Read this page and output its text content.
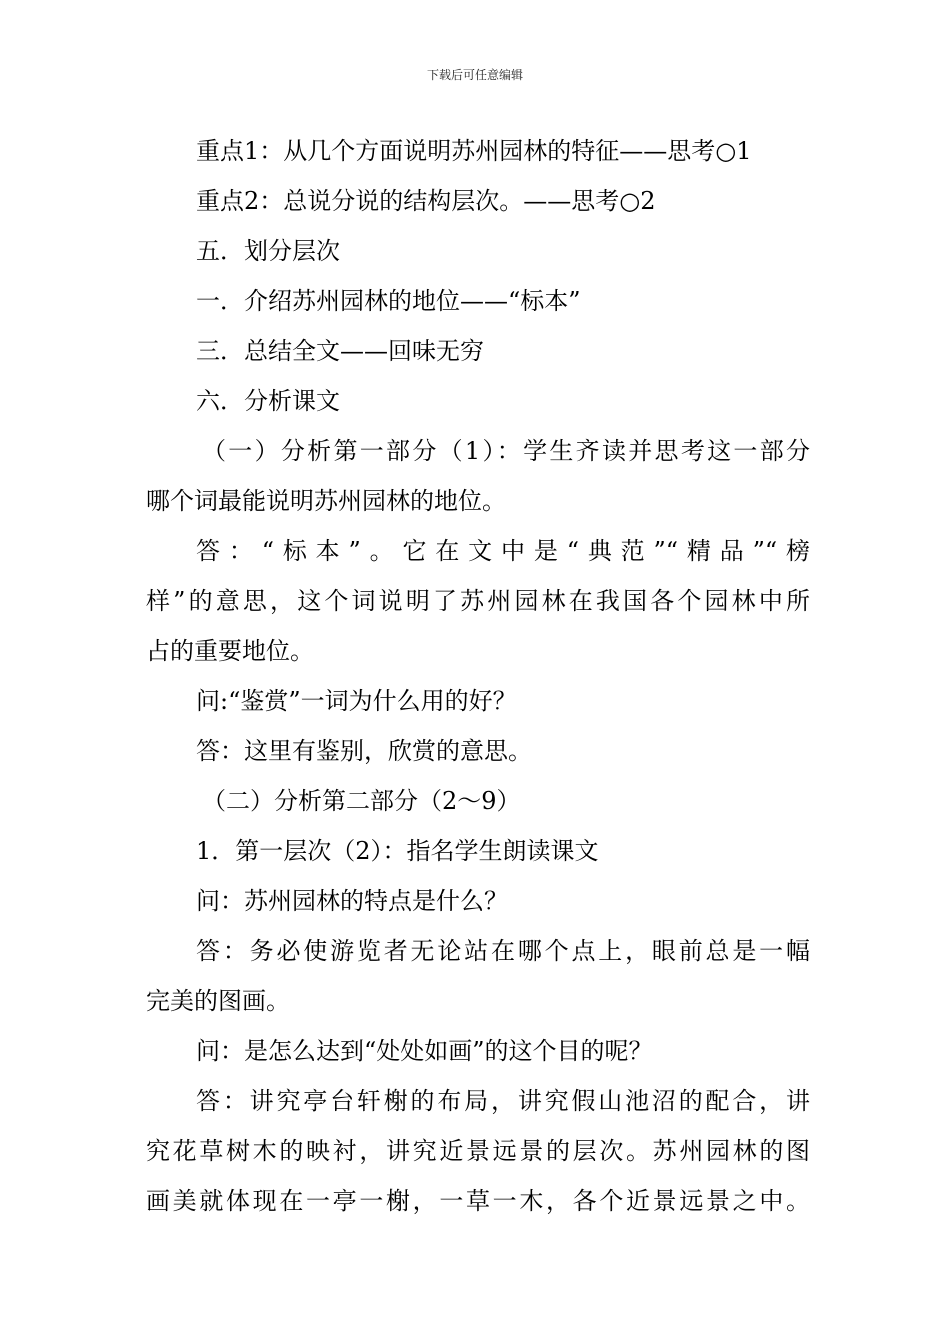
下载后可任意编辑
重点1：从几个方面说明苏州园林的特征——思考○1
重点2：总说分说的结构层次。——思考○2
五．划分层次
一．介绍苏州园林的地位——“标本”
三．总结全文——回味无穷
六．分析课文
（一）分析第一部分（1）：学生齐读并思考这一部分
哪个词最能说明苏州园林的地位。
答：“标本”。它在文中是“典范”“精品”“榜
样”的意思，这个词说明了苏州园林在我国各个园林中所
占的重要地位。
问:“鉴赏”一词为什么用的好？
答：这里有鉴别，欣赏的意思。
（二）分析第二部分（2～9）
1．第一层次（2）：指名学生朗读课文
问：苏州园林的特点是什么？
答：务必使游览者无论站在哪个点上，眼前总是一幅
完美的图画。
问：是怎么达到“处处如画”的这个目的呢？
答：讲究亭台轩榭的布局，讲究假山池沼的配合，讲
究花草树木的映衬，讲究近景远景的层次。苏州园林的图
画美就体现在一亭一榭，一草一木，各个近景远景之中。
